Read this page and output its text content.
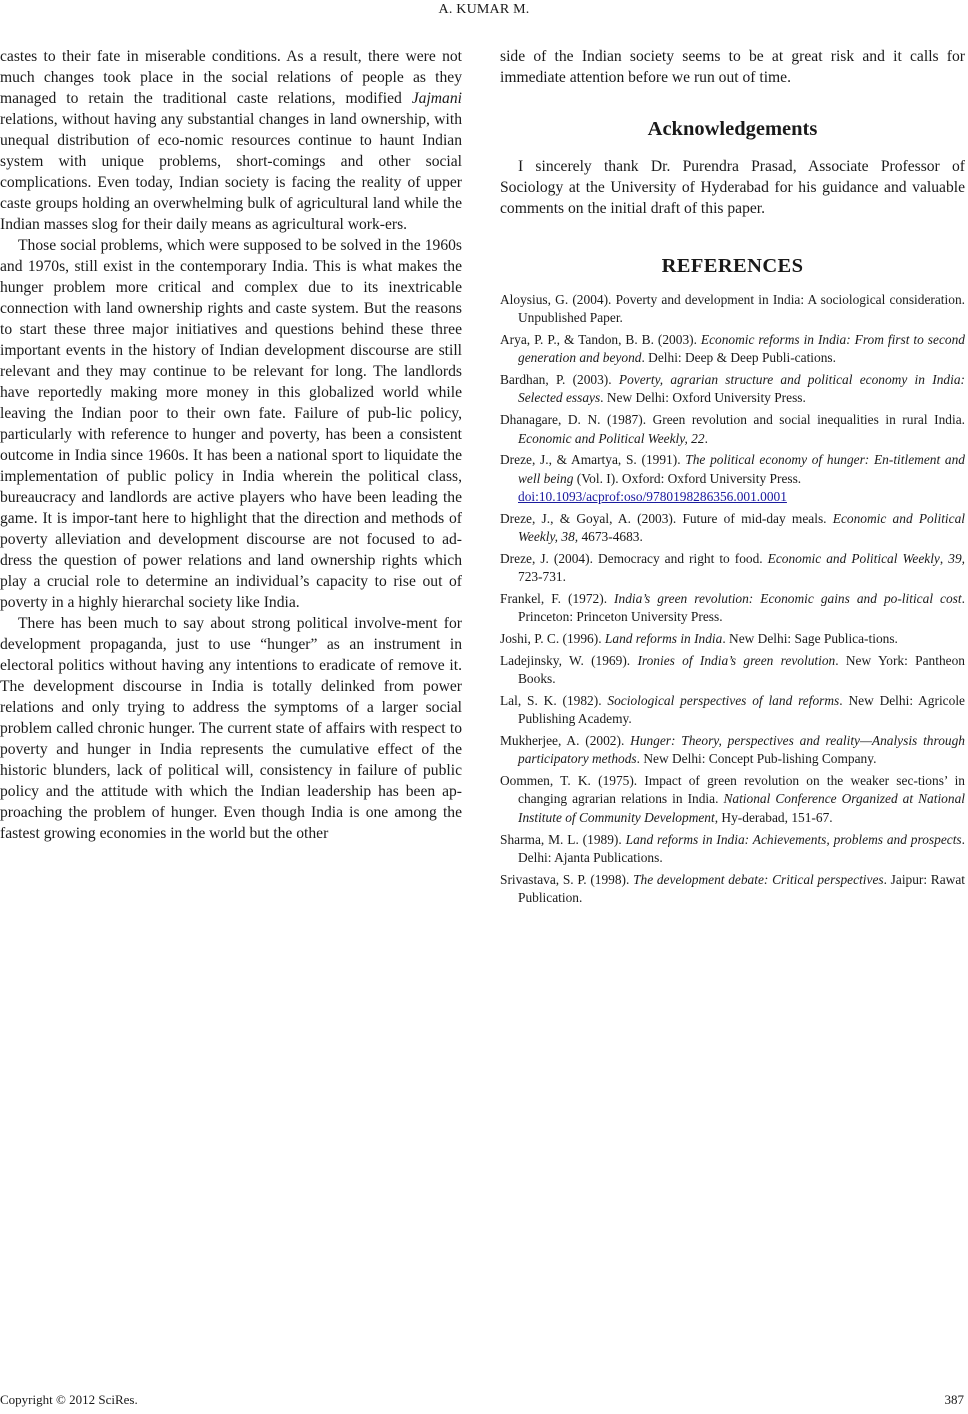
A. KUMAR M.

castes to their fate in miserable conditions. As a result, there were not much changes took place in the social relations of people as they managed to retain the traditional caste relations, modified Jajmani relations, without having any substantial changes in land ownership, with unequal distribution of eco-nomic resources continue to haunt Indian system with unique problems, short-comings and other social complications. Even today, Indian society is facing the reality of upper caste groups holding an overwhelming bulk of agricultural land while the Indian masses slog for their daily means as agricultural work-ers.

Those social problems, which were supposed to be solved in the 1960s and 1970s, still exist in the contemporary India. This is what makes the hunger problem more critical and complex due to its inextricable connection with land ownership rights and caste system. But the reasons to start these three major initiatives and questions behind these three important events in the history of Indian development discourse are still relevant and they may continue to be relevant for long. The landlords have reportedly making more money in this globalized world while leaving the Indian poor to their own fate. Failure of pub-lic policy, particularly with reference to hunger and poverty, has been a consistent outcome in India since 1960s. It has been a national sport to liquidate the implementation of public policy in India wherein the political class, bureaucracy and landlords are active players who have been leading the game. It is impor-tant here to highlight that the direction and methods of poverty alleviation and development discourse are not focused to ad-dress the question of power relations and land ownership rights which play a crucial role to determine an individual’s capacity to rise out of poverty in a highly hierarchal society like India.

There has been much to say about strong political involve-ment for development propaganda, just to use “hunger” as an instrument in electoral politics without having any intentions to eradicate of remove it. The development discourse in India is totally delinked from power relations and only trying to address the symptoms of a larger social problem called chronic hunger. The current state of affairs with respect to poverty and hunger in India represents the cumulative effect of the historic blunders, lack of political will, consistency in failure of public policy and the attitude with which the Indian leadership has been ap-proaching the problem of hunger. Even though India is one among the fastest growing economies in the world but the other

side of the Indian society seems to be at great risk and it calls for immediate attention before we run out of time.

Acknowledgements

I sincerely thank Dr. Purendra Prasad, Associate Professor of Sociology at the University of Hyderabad for his guidance and valuable comments on the initial draft of this paper.

REFERENCES
Aloysius, G. (2004). Poverty and development in India: A sociological consideration. Unpublished Paper.
Arya, P. P., & Tandon, B. B. (2003). Economic reforms in India: From first to second generation and beyond. Delhi: Deep & Deep Publi-cations.
Bardhan, P. (2003). Poverty, agrarian structure and political economy in India: Selected essays. New Delhi: Oxford University Press.
Dhanagare, D. N. (1987). Green revolution and social inequalities in rural India. Economic and Political Weekly, 22.
Dreze, J., & Amartya, S. (1991). The political economy of hunger: En-titlement and well being (Vol. I). Oxford: Oxford University Press.
doi:10.1093/acprof:oso/9780198286356.001.0001
Dreze, J., & Goyal, A. (2003). Future of mid-day meals. Economic and Political Weekly, 38, 4673-4683.
Dreze, J. (2004). Democracy and right to food. Economic and Political Weekly, 39, 723-731.
Frankel, F. (1972). India’s green revolution: Economic gains and po-litical cost. Princeton: Princeton University Press.
Joshi, P. C. (1996). Land reforms in India. New Delhi: Sage Publica-tions.
Ladejinsky, W. (1969). Ironies of India’s green revolution. New York: Pantheon Books.
Lal, S. K. (1982). Sociological perspectives of land reforms. New Delhi: Agricole Publishing Academy.
Mukherjee, A. (2002). Hunger: Theory, perspectives and reality—Analysis through participatory methods. New Delhi: Concept Pub-lishing Company.
Oommen, T. K. (1975). Impact of green revolution on the weaker sec-tions’ in changing agrarian relations in India. National Conference Organized at National Institute of Community Development, Hy-derabad, 151-67.
Sharma, M. L. (1989). Land reforms in India: Achievements, problems and prospects. Delhi: Ajanta Publications.
Srivastava, S. P. (1998). The development debate: Critical perspectives. Jaipur: Rawat Publication.
Copyright © 2012 SciRes.	387
